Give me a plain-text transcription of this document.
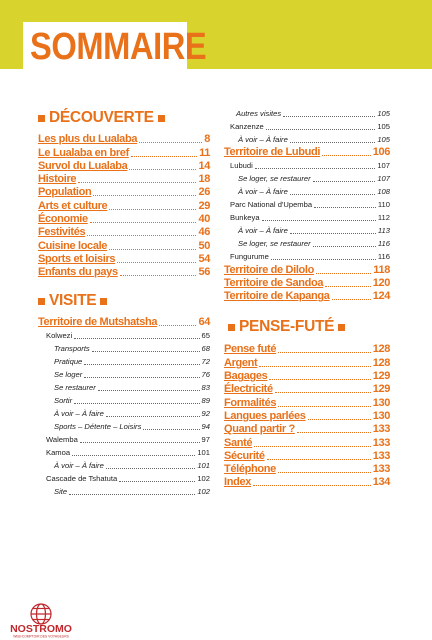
SOMMAIRE
DÉCOUVERTE
Les plus du Lualaba	8
Le Lualaba en bref	11
Survol du Lualaba	14
Histoire	18
Population	26
Arts et culture	29
Économie	40
Festivités	46
Cuisine locale	50
Sports et loisirs	54
Enfants du pays	56
VISITE
Territoire de Mutshatsha	64
Kolwezi	65
Transports	68
Pratique	72
Se loger	76
Se restaurer	83
Sortir	89
À voir – À faire	92
Sports – Détente – Loisirs	94
Walemba	97
Kamoa	101
À voir – À faire	101
Cascade de Tshatuta	102
Site	102
Autres visites	105
Kanzenze	105
À voir – À faire	105
Territoire de Lubudi	106
Lubudi	107
Se loger, se restaurer	107
À voir – À faire	108
Parc National d'Upemba	110
Bunkeya	112
À voir – À faire	113
Se loger, se restaurer	116
Fungurume	116
Territoire de Dilolo	118
Territoire de Sandoa	120
Territoire de Kapanga	124
PENSE-FUTÉ
Pense futé	128
Argent	128
Bagages	129
Électricité	129
Formalités	130
Langues parlées	130
Quand partir ?	133
Santé	133
Sécurité	133
Téléphone	133
Index	134
NOSTROMO
WEB-COMPTOIR DES VOYAGEURS
